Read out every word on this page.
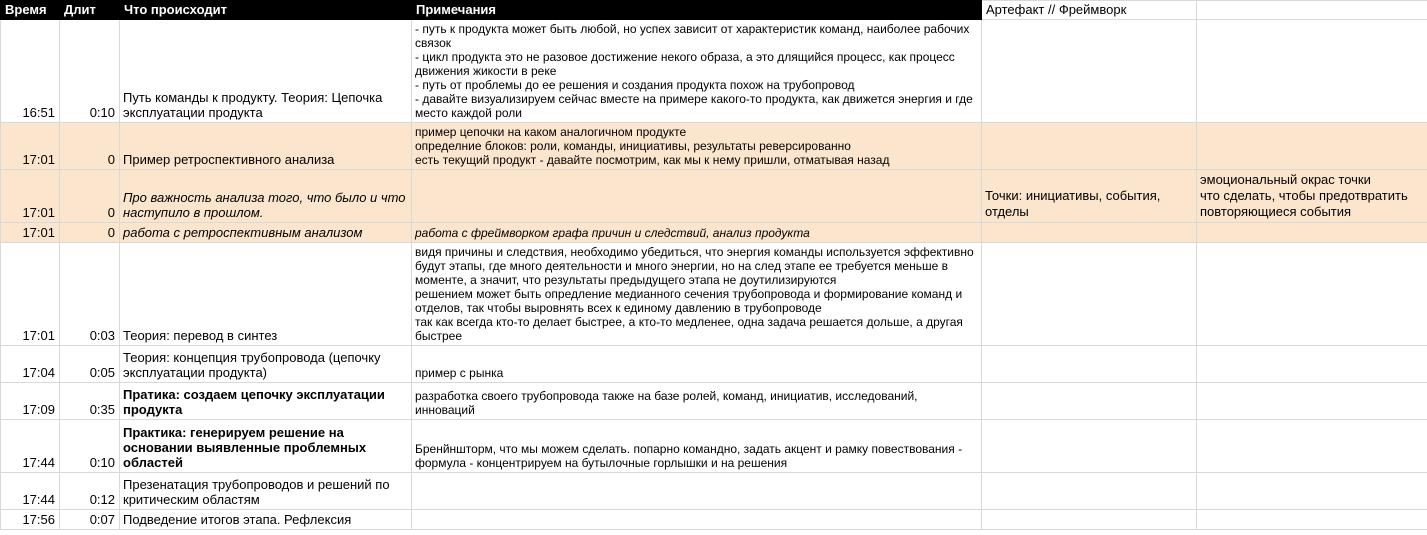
Время	Длит	Что происходит	Примечания	Артефакт // Фреймворк	
16:51	0:10	Путь команды к продукту. Теория: Цепочка эксплуатации продукта	- путь к продукта может быть любой, но успех зависит от характеристик команд, наиболее рабочих связок
- цикл продукта это не разовое достижение некого образа, а это длящийся процесс, как процесс движения жикости в реке
- путь от проблемы до ее решения и создания продукта похож на трубопровод
- давайте визуализируем сейчас вместе на примере какого-то продукта, как движется энергия и где место каждой роли		

17:01	0	Пример ретроспективного анализа	пример цепочки на каком аналогичном продукте
определние блоков: роли, команды, инициативы, результаты реверсированно
есть текущий продукт - давайте посмотрим, как мы к нему пришли, отматывая назад		

17:01	0	Про важность анализа того, что было и что наступило в прошлом.		Точки: инициативы, события, отделы	эмоциональный окрас точки
что сделать, чтобы предотвратить повторяющиеся события

17:01	0	работа с ретроспективным анализом	работа с фреймворком графа причин и следствий, анализ продукта		

17:01	0:03	Теория: перевод в синтез	видя причины и следствия, необходимо убедиться, что энергия команды используется эффективно
будут этапы, где много деятельности и много энергии, но на след этапе ее требуется меньше в моменте, а значит, что результаты предыдущего этапа не доутилизируются
решением может быть опредление медианного сечения трубопровода и формирование команд и отделов, так чтобы выровнять всех к единому давлению в трубопроводе
так как всегда кто-то делает быстрее, а кто-то медленее, одна задача решается дольше, а другая быстрее		

17:04	0:05	Теория: концепция трубопровода (цепочку эксплуатации продукта)	пример с рынка		

17:09	0:35	Пратика: создаем цепочку эксплуатации продукта	разработка своего трубопровода также на базе ролей, команд, инициатив, исследований, инноваций		

17:44	0:10	Практика: генерируем решение на основании выявленные проблемных областей	Бренйншторм, что мы можем сделать. попарно командно, задать акцент и рамку повествования - формула - концентрируем на бутылочные горлышки и на решения		

17:44	0:12	Презенатация трубопроводов и решений по критическим областям			
17:56	0:07	Подведение итогов этапа. Рефлексия			
